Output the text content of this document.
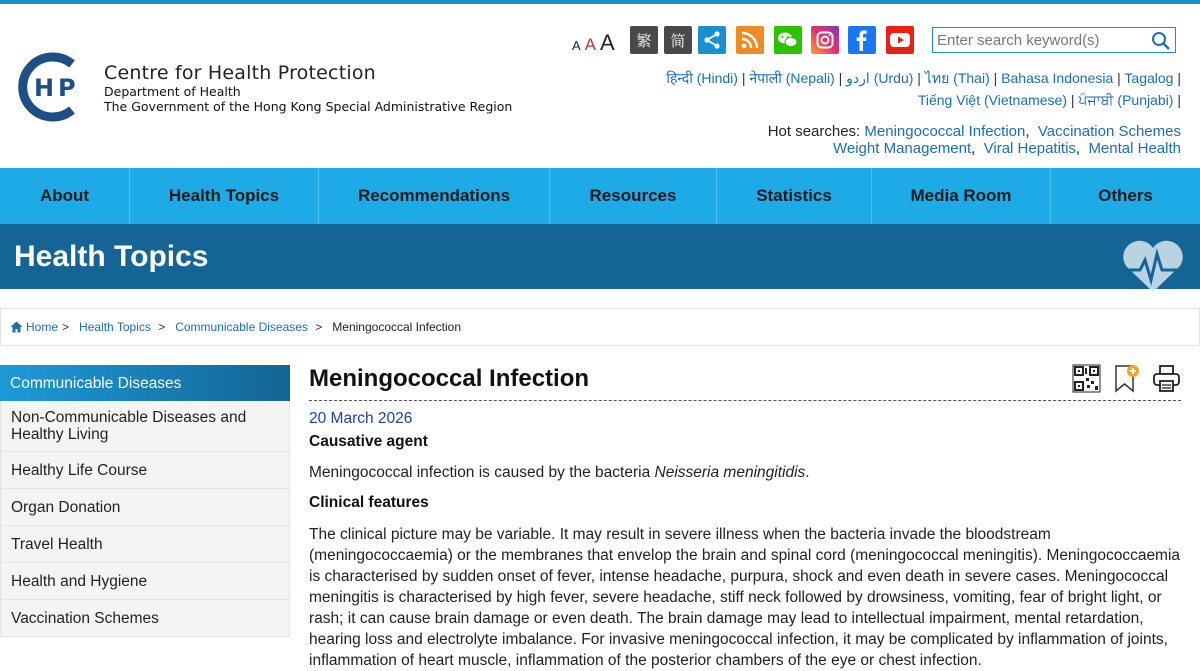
H P
Centre for Health Protection
Department of Health
The Government of the Hong Kong Special Administrative Region
A A A	繁	简
Enter search keyword(s)
हिन्दी (Hindi) | नेपाली (Nepali) | اردو (Urdu) | ไทย (Thai) | Bahasa Indonesia | Tagalog |
Tiếng Việt (Vietnamese) | ਪੰਜਾਬੀ (Punjabi) |
Hot searches: Meningococcal Infection,  Vaccination Schemes
Weight Management,  Viral Hepatitis,  Mental Health
About	Health Topics	Recommendations	Resources	Statistics	Media Room	Others
Health Topics
Home > Health Topics > Communicable Diseases > Meningococcal Infection
Communicable Diseases
Non-Communicable Diseases and Healthy Living
Healthy Life Course
Organ Donation
Travel Health
Health and Hygiene
Vaccination Schemes
Meningococcal Infection
20 March 2026
Causative agent
Meningococcal infection is caused by the bacteria Neisseria meningitidis.
Clinical features
The clinical picture may be variable. It may result in severe illness when the bacteria invade the bloodstream (meningococcaemia) or the membranes that envelop the brain and spinal cord (meningococcal meningitis). Meningococcaemia is characterised by sudden onset of fever, intense headache, purpura, shock and even death in severe cases. Meningococcal meningitis is characterised by high fever, severe headache, stiff neck followed by drowsiness, vomiting, fear of bright light, or rash; it can cause brain damage or even death. The brain damage may lead to intellectual impairment, mental retardation, hearing loss and electrolyte imbalance. For invasive meningococcal infection, it may be complicated by inflammation of joints, inflammation of heart muscle, inflammation of the posterior chambers of the eye or chest infection.
